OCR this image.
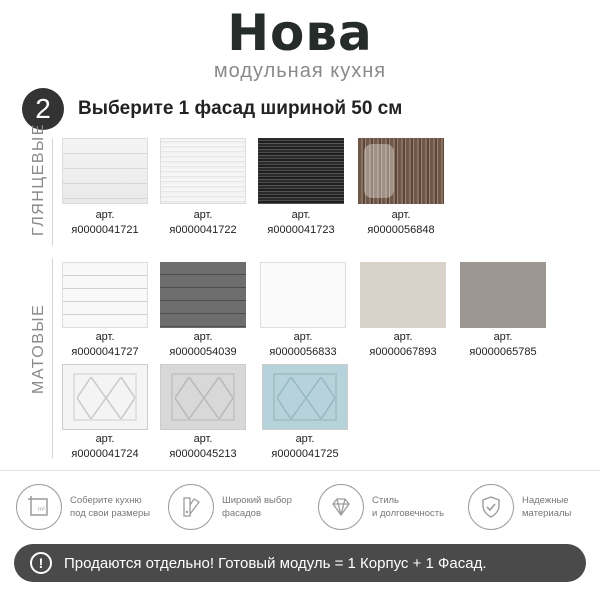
Нова
модульная кухня
2	Выберите 1 фасад шириной 50 см
ГЛЯНЦЕВЫЕ
МАТОВЫЕ
арт.
я0000041721
арт.
я0000041722
арт.
я0000041723
арт.
я0000056848
арт.
я0000041727
арт.
я0000054039
арт.
я0000056833
арт.
я0000067893
арт.
я0000065785
арт.
я0000041724
арт.
я0000045213
арт.
я0000041725
m²
Соберите кухню
под свои размеры
Широкий выбор
фасадов
Стиль
и долговечность
Надежные
материалы
!	Продаются отдельно! Готовый модуль = 1 Корпус + 1 Фасад.
